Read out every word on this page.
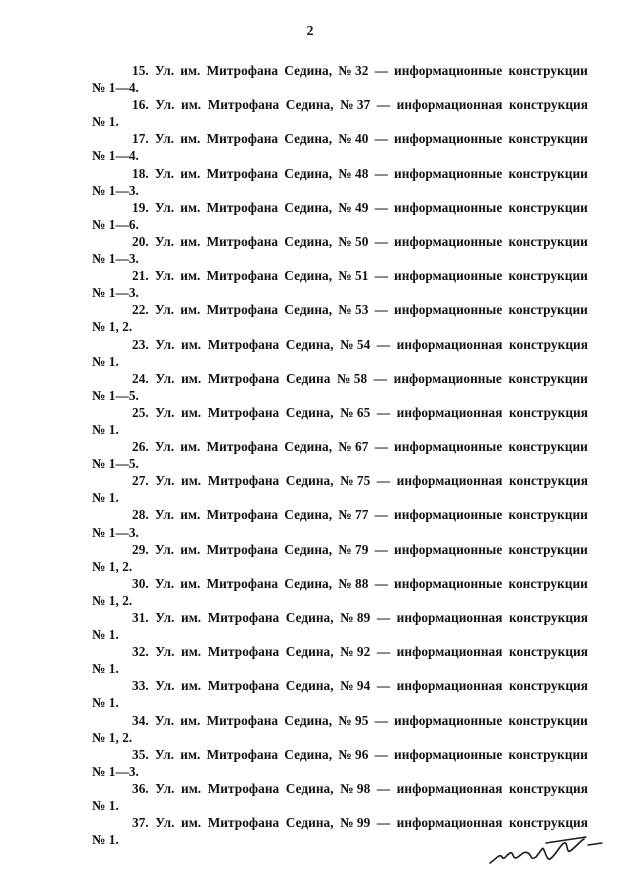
2
15. Ул. им. Митрофана Седина, № 32 — информационные конструкции
№ 1—4.
16. Ул. им. Митрофана Седина, № 37 — информационная конструкция
№ 1.
17. Ул. им. Митрофана Седина, № 40 — информационные конструкции
№ 1—4.
18. Ул. им. Митрофана Седина, № 48 — информационные конструкции
№ 1—3.
19. Ул. им. Митрофана Седина, № 49 — информационные конструкции
№ 1—6.
20. Ул. им. Митрофана Седина, № 50 — информационные конструкции
№ 1—3.
21. Ул. им. Митрофана Седина, № 51 — информационные конструкции
№ 1—3.
22. Ул. им. Митрофана Седина, № 53 — информационные конструкции
№ 1, 2.
23. Ул. им. Митрофана Седина, № 54 — информационная конструкция
№ 1.
24. Ул. им. Митрофана Седина № 58 — информационные конструкции
№ 1—5.
25. Ул. им. Митрофана Седина, № 65 — информационная конструкция
№ 1.
26. Ул. им. Митрофана Седина, № 67 — информационные конструкции
№ 1—5.
27. Ул. им. Митрофана Седина, № 75 — информационная конструкция
№ 1.
28. Ул. им. Митрофана Седина, № 77 — информационные конструкции
№ 1—3.
29. Ул. им. Митрофана Седина, № 79 — информационные конструкции
№ 1, 2.
30. Ул. им. Митрофана Седина, № 88 — информационные конструкции
№ 1, 2.
31. Ул. им. Митрофана Седина, № 89 — информационная конструкция
№ 1.
32. Ул. им. Митрофана Седина, № 92 — информационная конструкция
№ 1.
33. Ул. им. Митрофана Седина, № 94 — информационная конструкция
№ 1.
34. Ул. им. Митрофана Седина, № 95 — информационные конструкции
№ 1, 2.
35. Ул. им. Митрофана Седина, № 96 — информационные конструкции
№ 1—3.
36. Ул. им. Митрофана Седина, № 98 — информационная конструкция
№ 1.
37. Ул. им. Митрофана Седина, № 99 — информационная конструкция
№ 1.
